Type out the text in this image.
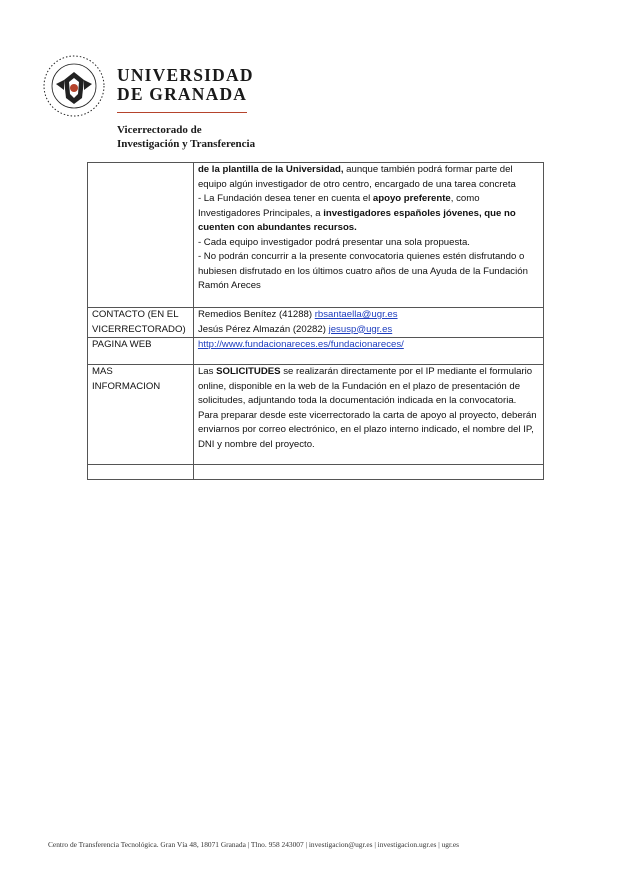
UNIVERSIDAD
DE GRANADA
Vicerrectorado de
Investigación y Transferencia

	de la plantilla de la Universidad, aunque también podrá formar parte del equipo algún investigador de otro centro, encargado de una tarea concreta
- La Fundación desea tener en cuenta el apoyo preferente, como Investigadores Principales, a investigadores españoles jóvenes, que no cuenten con abundantes recursos.
- Cada equipo investigador podrá presentar una sola propuesta.
- No podrán concurrir a la presente convocatoria quienes estén disfrutando o hubiesen disfrutado en los últimos cuatro años de una Ayuda de la Fundación Ramón Areces

CONTACTO (EN EL
VICERRECTORADO)	Remedios Benítez (41288) rbsantaella@ugr.es
Jesús Pérez Almazán (20282) jesusp@ugr.es

PAGINA WEB	http://www.fundacionareces.es/fundacionareces/

MAS
INFORMACION	Las SOLICITUDES se realizarán directamente por el IP mediante el formulario online, disponible en la web de la Fundación en el plazo de presentación de solicitudes, adjuntando toda la documentación indicada en la convocatoria.
Para preparar desde este vicerrectorado la carta de apoyo al proyecto, deberán enviarnos por correo electrónico, en el plazo interno indicado, el nombre del IP, DNI y nombre del proyecto.

Centro de Transferencia Tecnológica. Gran Vía 48, 18071 Granada | Tlno. 958 243007 | investigacion@ugr.es | investigacion.ugr.es | ugr.es
